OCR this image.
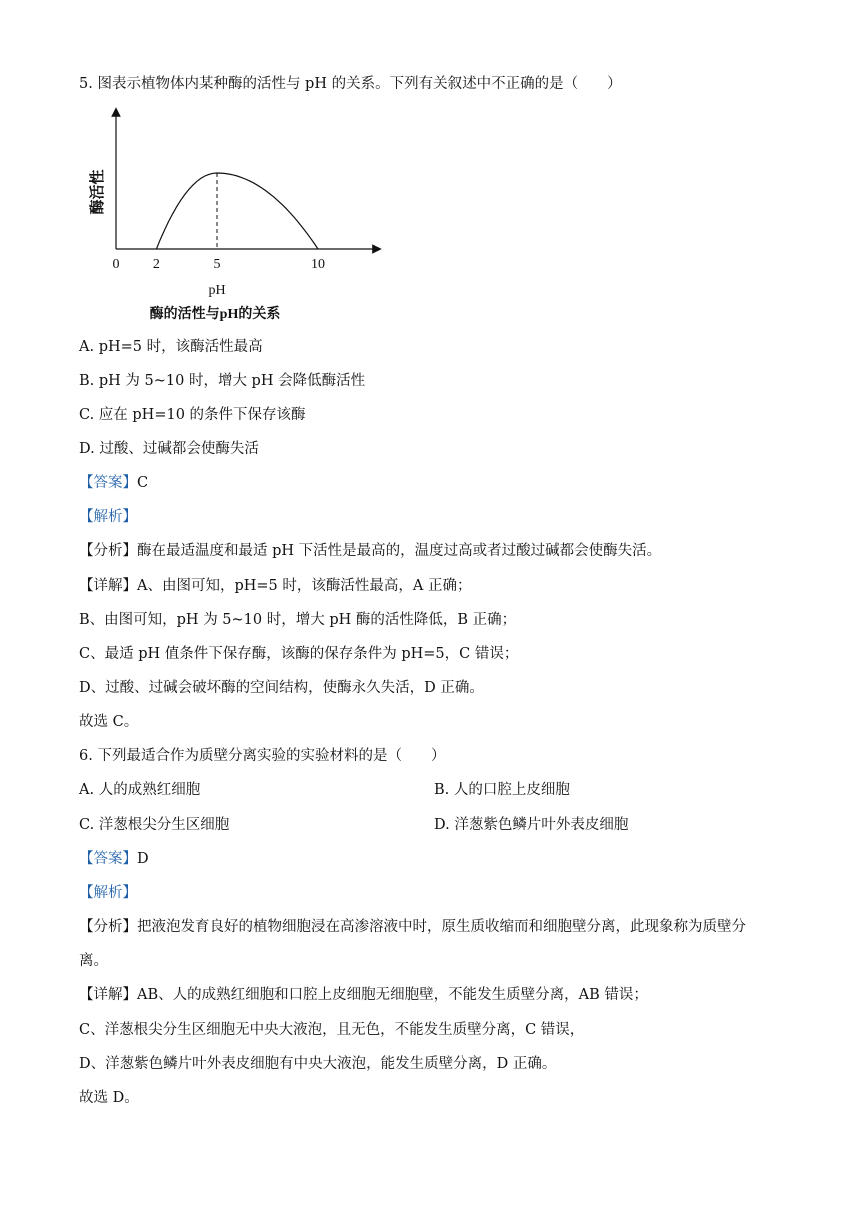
5. 图表示植物体内某种酶的活性与 pH 的关系。下列有关叙述中不正确的是（　　）
0 2	5	10
酶活性
pH
酶的活性与pH的关系
A. pH=5 时，该酶活性最高
B. pH 为 5~10 时，增大 pH 会降低酶活性
C. 应在 pH=10 的条件下保存该酶
D. 过酸、过碱都会使酶失活
【答案】C
【解析】
【分析】酶在最适温度和最适 pH 下活性是最高的，温度过高或者过酸过碱都会使酶失活。
【详解】A、由图可知，pH=5 时，该酶活性最高，A 正确；
B、由图可知，pH 为 5~10 时，增大 pH 酶的活性降低，B 正确；
C、最适 pH 值条件下保存酶，该酶的保存条件为 pH=5，C 错误；
D、过酸、过碱会破坏酶的空间结构，使酶永久失活，D 正确。
故选 C。
6. 下列最适合作为质壁分离实验的实验材料的是（　　）
A. 人的成熟红细胞	B. 人的口腔上皮细胞
C. 洋葱根尖分生区细胞	D. 洋葱紫色鳞片叶外表皮细胞
【答案】D
【解析】
【分析】把液泡发育良好的植物细胞浸在高渗溶液中时，原生质收缩而和细胞壁分离，此现象称为质壁分
离。
【详解】AB、人的成熟红细胞和口腔上皮细胞无细胞壁，不能发生质壁分离，AB 错误；
C、洋葱根尖分生区细胞无中央大液泡，且无色，不能发生质壁分离，C 错误，
D、洋葱紫色鳞片叶外表皮细胞有中央大液泡，能发生质壁分离，D 正确。
故选 D。
